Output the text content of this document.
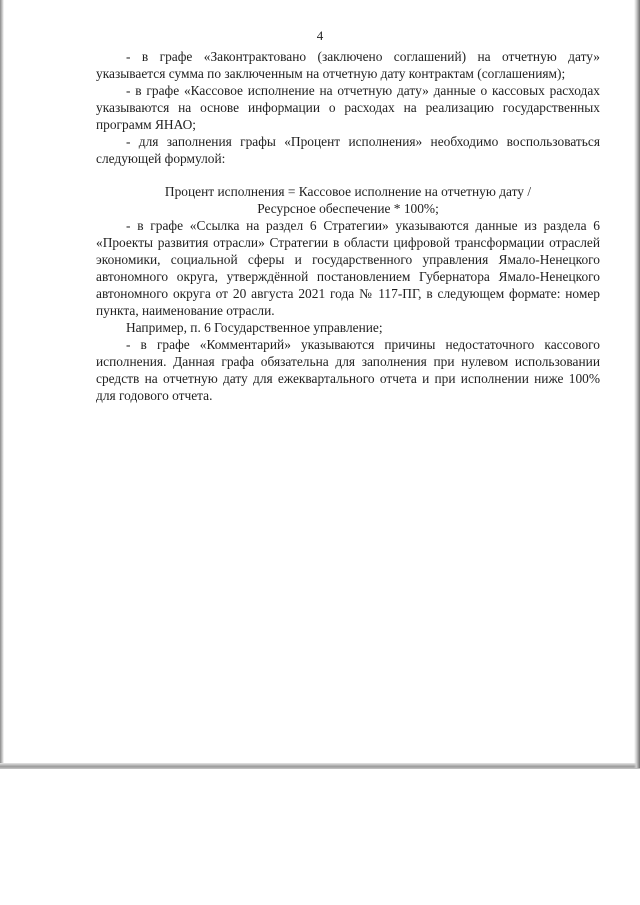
4

- в графе «Законтрактовано (заключено соглашений) на отчетную дату» указывается сумма по заключенным на отчетную дату контрактам (соглашениям);

- в графе «Кассовое исполнение на отчетную дату» данные о кассовых расходах указываются на основе информации о расходах на реализацию государственных программ ЯНАО;

- для заполнения графы «Процент исполнения» необходимо воспользоваться следующей формулой:

Процент исполнения = Кассовое исполнение на отчетную дату /
Ресурсное обеспечение * 100%;

- в графе «Ссылка на раздел 6 Стратегии» указываются данные из раздела 6 «Проекты развития отрасли» Стратегии в области цифровой трансформации отраслей экономики, социальной сферы и государственного управления Ямало-Ненецкого автономного округа, утверждённой постановлением Губернатора Ямало-Ненецкого автономного округа от 20 августа 2021 года № 117-ПГ, в следующем формате: номер пункта, наименование отрасли.

Например, п. 6 Государственное управление;

- в графе «Комментарий» указываются причины недостаточного кассового исполнения. Данная графа обязательна для заполнения при нулевом использовании средств на отчетную дату для ежеквартального отчета и при исполнении ниже 100% для годового отчета.
